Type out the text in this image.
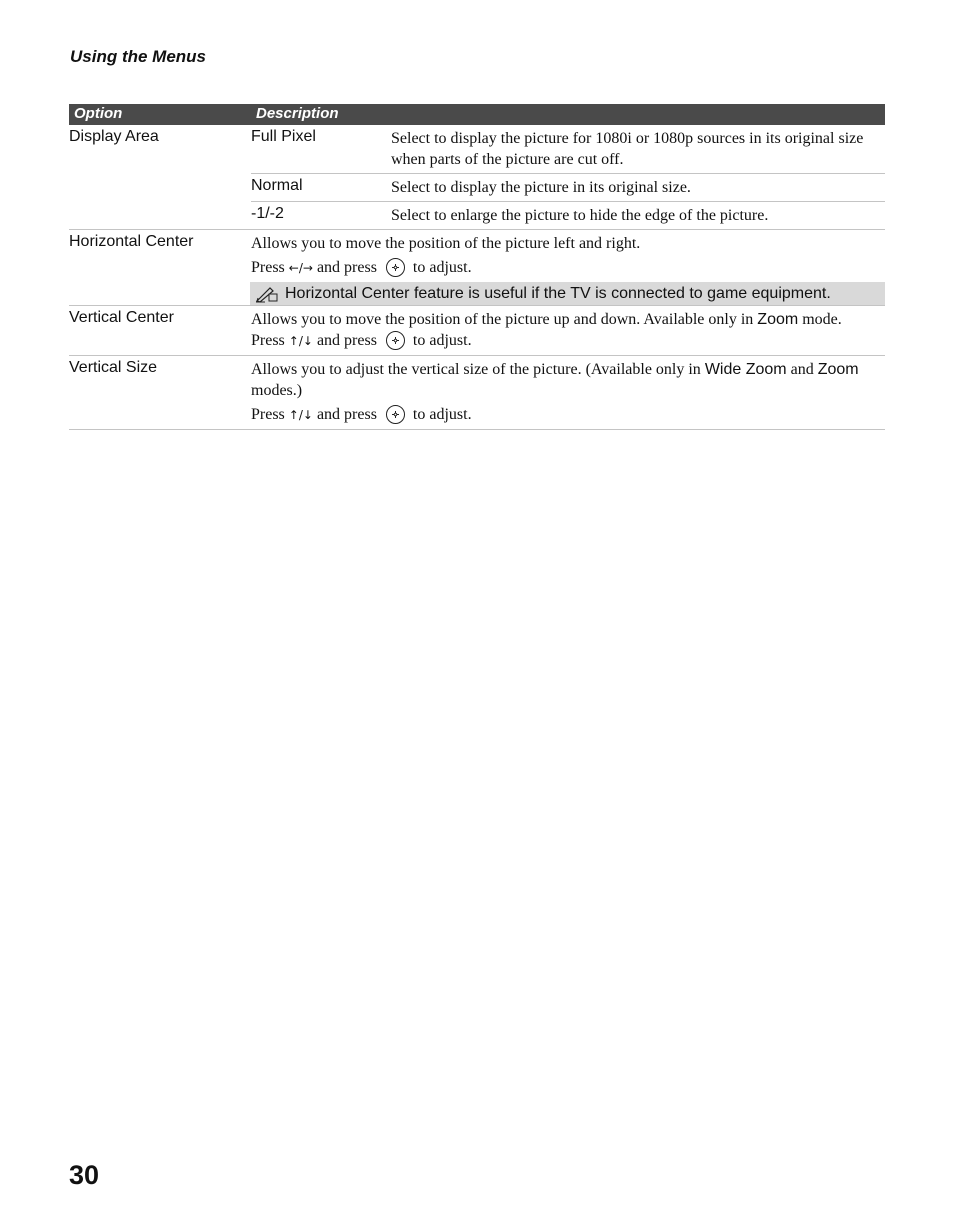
Using the Menus
Option	Description
Display Area	Full Pixel	Select to display the picture for 1080i or 1080p sources in its original size when parts of the picture are cut off.
Normal	Select to display the picture in its original size.
-1/-2	Select to enlarge the picture to hide the edge of the picture.
Horizontal Center	Allows you to move the position of the picture left and right.
Press ←/→ and press to adjust.
Horizontal Center feature is useful if the TV is connected to game equipment.
Vertical Center	Allows you to move the position of the picture up and down. Available only in Zoom mode.
Press ↑/↓ and press to adjust.
Vertical Size	Allows you to adjust the vertical size of the picture. (Available only in Wide Zoom and Zoom modes.)
Press ↑/↓ and press to adjust.
30
